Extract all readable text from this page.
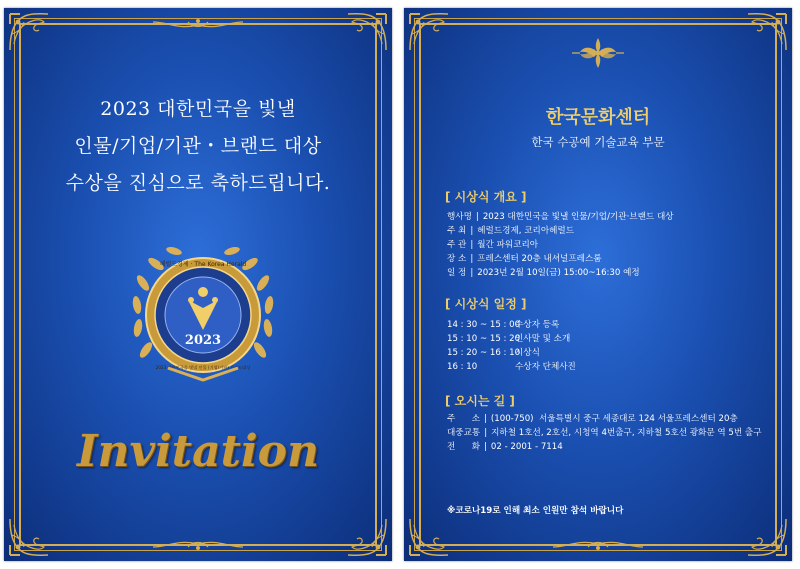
2023 대한민국을 빛낼
인물/기업/기관・브랜드 대상
수상을 진심으로 축하드립니다.
2023
헤럴드경제 · The Korea Herald
2023 대한민국을 빛낼 인물 (기업/기관) 브랜드대상
Invitation
한국문화센터
한국 수공예 기술교육 부문
[ 시상식 개요 ]
행사명 | 2023 대한민국을 빛낼 인물/기업/기관·브랜드 대상
주 최 | 헤럴드경제, 코리아헤럴드
주 관 | 월간 파워코리아
장 소 | 프레스센터 20층 내셔널프레스룸
일 정 | 2023년 2월 10일(금) 15:00~16:30 예정
[ 시상식 일정 ]
14 : 30 ~ 15 : 00수상자 등록
15 : 10 ~ 15 : 20인사말 및 소개
15 : 20 ~ 16 : 10시상식
16 : 10	수상자 단체사진
[ 오시는 길 ]
주      소 | (100-750)  서울특별시 중구 세종대로 124 서울프레스센터 20층
대중교통 | 지하철 1호선, 2호선, 시청역 4번출구, 지하철 5호선 광화문 역 5번 출구
전      화 | 02 - 2001 - 7114
※코로나19로 인해 최소 인원만 참석 바랍니다
